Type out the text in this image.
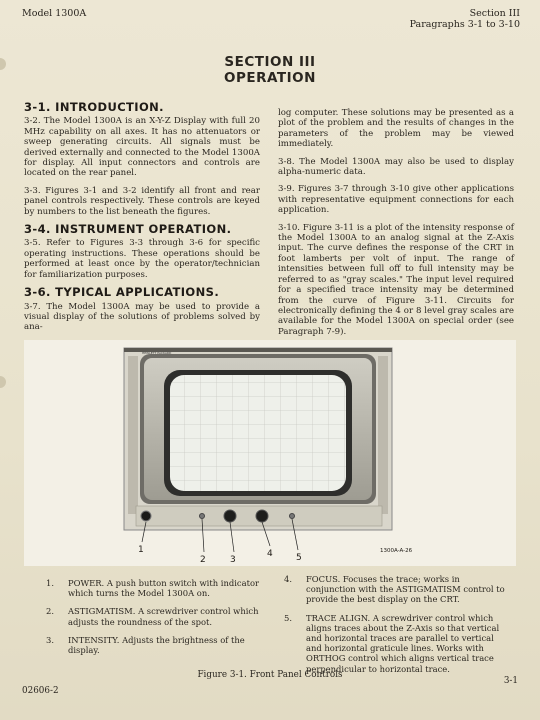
Model 1300A	Section III
Paragraphs 3-1 to 3-10
SECTION III
OPERATION
3-1. INTRODUCTION.

3-2. The Model 1300A is an X-Y-Z Display with full 20 MHz capability on all axes. It has no attenuators or sweep generating circuits. All signals must be derived externally and connected to the Model 1300A for display. All input connectors and controls are located on the rear panel.

3-3. Figures 3-1 and 3-2 identify all front and rear panel controls respectively. These controls are keyed by numbers to the list beneath the figures.

3-4. INSTRUMENT OPERATION.

3-5. Refer to Figures 3-3 through 3-6 for specific operating instructions. These operations should be performed at least once by the operator/technician for familiarization purposes.

3-6. TYPICAL APPLICATIONS.

3-7. The Model 1300A may be used to provide a visual display of the solutions of problems solved by ana-

log computer. These solutions may be presented as a plot of the problem and the results of changes in the parameters of the problem may be viewed immediately.

3-8. The Model 1300A may also be used to display alpha-numeric data.

3-9. Figures 3-7 through 3-10 give other applications with representative equipment connections for each application.

3-10. Figure 3-11 is a plot of the intensity response of the Model 1300A to an analog signal at the Z-Axis input. The curve defines the response of the CRT in foot lamberts per volt of input. The range of intensities between full off to full intensity may be referred to as "gray scales." The input level required for a specified trace intensity may be determined from the curve of Figure 3-11. Circuits for electronically defining the 4 or 8 level gray scales are available for the Model 1300A on special order (see Paragraph 7-9).

HEWLETT PACKARD
1
2	3
4	5
1300A-A-26
1. POWER. A push button switch with indicator which turns the Model 1300A on.
2. ASTIGMATISM. A screwdriver control which adjusts the roundness of the spot.
3. INTENSITY. Adjusts the brightness of the display.
4. FOCUS. Focuses the trace; works in conjunction with the ASTIGMATISM control to provide the best display on the CRT.
5. TRACE ALIGN. A screwdriver control which aligns traces about the Z-Axis so that vertical and horizontal traces are parallel to vertical and horizontal graticule lines. Works with ORTHOG control which aligns vertical trace perpendicular to horizontal trace.
Figure 3-1. Front Panel Controls
02606-2
3-1
